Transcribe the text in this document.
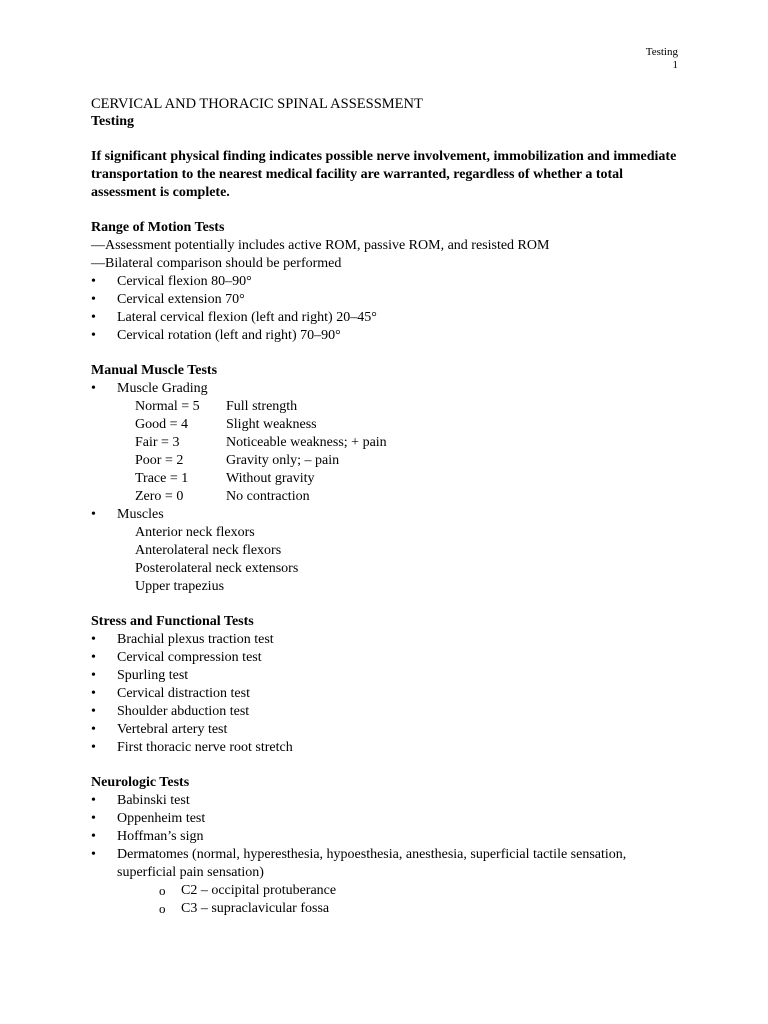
Testing
1
CERVICAL AND THORACIC SPINAL ASSESSMENT
Testing
If significant physical finding indicates possible nerve involvement, immobilization and immediate transportation to the nearest medical facility are warranted, regardless of whether a total assessment is complete.
Range of Motion Tests
—Assessment potentially includes active ROM, passive ROM, and resisted ROM
—Bilateral comparison should be performed
• Cervical flexion 80–90°
• Cervical extension 70°
• Lateral cervical flexion (left and right) 20–45°
• Cervical rotation (left and right) 70–90°
Manual Muscle Tests
• Muscle Grading
Normal = 5	Full strength
Good = 4	Slight weakness
Fair = 3	Noticeable weakness; + pain
Poor = 2	Gravity only; – pain
Trace = 1	Without gravity
Zero = 0	No contraction
• Muscles
Anterior neck flexors
Anterolateral neck flexors
Posterolateral neck extensors
Upper trapezius
Stress and Functional Tests
• Brachial plexus traction test
• Cervical compression test
• Spurling test
• Cervical distraction test
• Shoulder abduction test
• Vertebral artery test
• First thoracic nerve root stretch
Neurologic Tests
• Babinski test
• Oppenheim test
• Hoffman’s sign
• Dermatomes (normal, hyperesthesia, hypoesthesia, anesthesia, superficial tactile sensation, superficial pain sensation)
o C2 – occipital protuberance
o C3 – supraclavicular fossa
